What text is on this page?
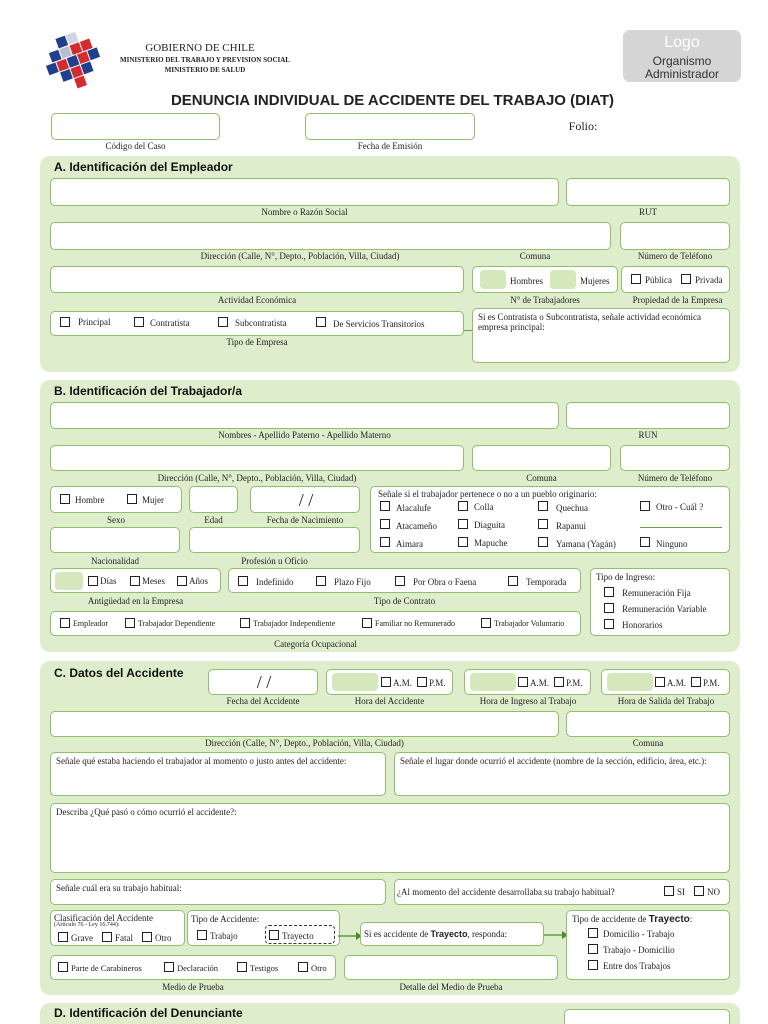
GOBIERNO DE CHILE
MINISTERIO DEL TRABAJO Y PREVISION SOCIAL
MINISTERIO DE SALUD
Logo
Organismo
Administrador
DENUNCIA INDIVIDUAL DE ACCIDENTE DEL TRABAJO (DIAT)
Código del Caso	Fecha de Emisión
Folio:
A. Identificación del Empleador
Nombre o Razón Social	RUT
Dirección (Calle, N°, Depto., Población, Villa, Ciudad)	Comuna	Número de Teléfono
Actividad Económica
Hombres	Mujeres
N° de Trabajadores
Pública	Privada
Propiedad de la Empresa
Principal	Contratista	Subcontratista	De Servicios Transitorios
Tipo de Empresa
Si es Contratista o Subcontratista, señale actividad económica empresa principal:
B. Identificación del Trabajador/a
Nombres - Apellido Paterno - Apellido Materno	RUN
Dirección (Calle, N°, Depto., Población, Villa, Ciudad)	Comuna	Número de Teléfono
Hombre	Mujer
Sexo	Edad
/ /
Fecha de Nacimiento
Señale si el trabajador pertenece o no a un pueblo originario:
Alacalufe	Colla	Quechua	Otro - Cuál ?
Atacameño	Diaguita	Rapanui
Aimara	Mapuche	Yamana (Yagán)	Ninguno
Nacionalidad	Profesión u Oficio
Días	Meses	Años
Antigüedad en la Empresa
Indefinido	Plazo Fijo	Por Obra o Faena	Temporada
Tipo de Contrato
Tipo de Ingreso:
Remuneración Fija
Remuneración Variable
Honorarios
Empleador	Trabajador Dependiente	Trabajador Independiente	Familiar no Remunerado	Trabajador Voluntario
Categoría Ocupacional
C. Datos del Accidente	/ /
Fecha del Accidente
A.M. P.M.
Hora del Accidente
A.M. P.M.
Hora de Ingreso al Trabajo
A.M. P.M.
Hora de Salida del Trabajo
Dirección (Calle, N°, Depto., Población, Villa, Ciudad)	Comuna
Señale qué estaba haciendo el trabajador al momento o justo antes del accidente:	Señale el lugar donde ocurrió el accidente (nombre de la sección, edificio, área, etc.):
Describa ¿Qué pasó o cómo ocurrió el accidente?:
Señale cuál era su trabajo habitual:	¿Al momento del accidente desarrollaba su trabajo habitual?	SI NO
Clasificación del Accidente
(Artículo 76 - Ley 16.744):
Grave Fatal Otro
Tipo de Accidente:
Trabajo	Trayecto	Si es accidente de Trayecto, responda:
Tipo de accidente de Trayecto:
Domicilio - Trabajo
Trabajo - Domicilio
Entre dos Trabajos
Parte de Carabineros	Declaración	Testigos	Otro
Medio de Prueba	Detalle del Medio de Prueba
D. Identificación del Denunciante
